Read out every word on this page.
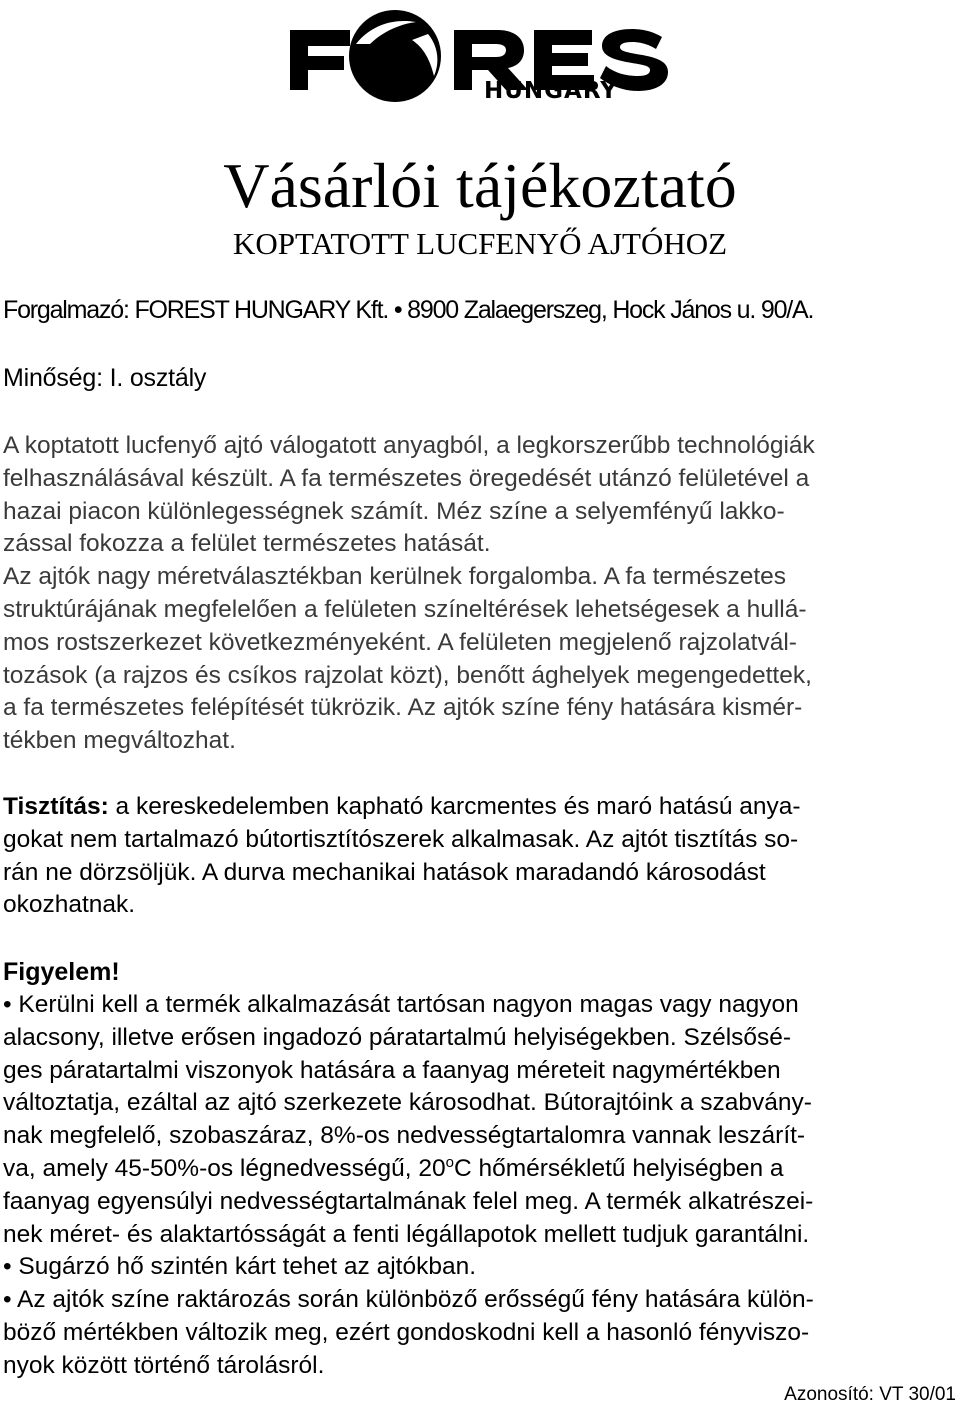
HUNGARY
Vásárlói tájékoztató
KOPTATOTT LUCFENYŐ AJTÓHOZ
Forgalmazó: FOREST HUNGARY Kft. • 8900 Zalaegerszeg, Hock János u. 90/A.
Minőség: I. osztály
A koptatott lucfenyő ajtó válogatott anyagból, a legkorszerűbb technológiák
felhasználásával készült. A fa természetes öregedését utánzó felületével a
hazai piacon különlegességnek számít. Méz színe a selyemfényű lakko-
zással fokozza a felület természetes hatását.
Az ajtók nagy méretválasztékban kerülnek forgalomba. A fa természetes
struktúrájának megfelelően a felületen színeltérések lehetségesek a hullá-
mos rostszerkezet következményeként. A felületen megjelenő rajzolatvál-
tozások (a rajzos és csíkos rajzolat közt), benőtt ághelyek megengedettek,
a fa természetes felépítését tükrözik. Az ajtók színe fény hatására kismér-
tékben megváltozhat.
Tisztítás: a kereskedelemben kapható karcmentes és maró hatású anya-
gokat nem tartalmazó bútortisztítószerek alkalmasak. Az ajtót tisztítás so-
rán ne dörzsöljük. A durva mechanikai hatások maradandó károsodást
okozhatnak.
Figyelem!
• Kerülni kell a termék alkalmazását tartósan nagyon magas vagy nagyon
alacsony, illetve erősen ingadozó páratartalmú helyiségekben. Szélsősé-
ges páratartalmi viszonyok hatására a faanyag méreteit nagymértékben
változtatja, ezáltal az ajtó szerkezete károsodhat. Bútorajtóink a szabvány-
nak megfelelő, szobaszáraz, 8%-os nedvességtartalomra vannak leszárít-
va, amely 45-50%-os légnedvességű, 20$^o$C hőmérsékletű helyiségben a
faanyag egyensúlyi nedvességtartalmának felel meg. A termék alkatrészei-
nek méret- és alaktartósságát a fenti légállapotok mellett tudjuk garantálni.
• Sugárzó hő szintén kárt tehet az ajtókban.
• Az ajtók színe raktározás során különböző erősségű fény hatására külön-
böző mértékben változik meg, ezért gondoskodni kell a hasonló fényviszo-
nyok között történő tárolásról.
Azonosító: VT 30/01
